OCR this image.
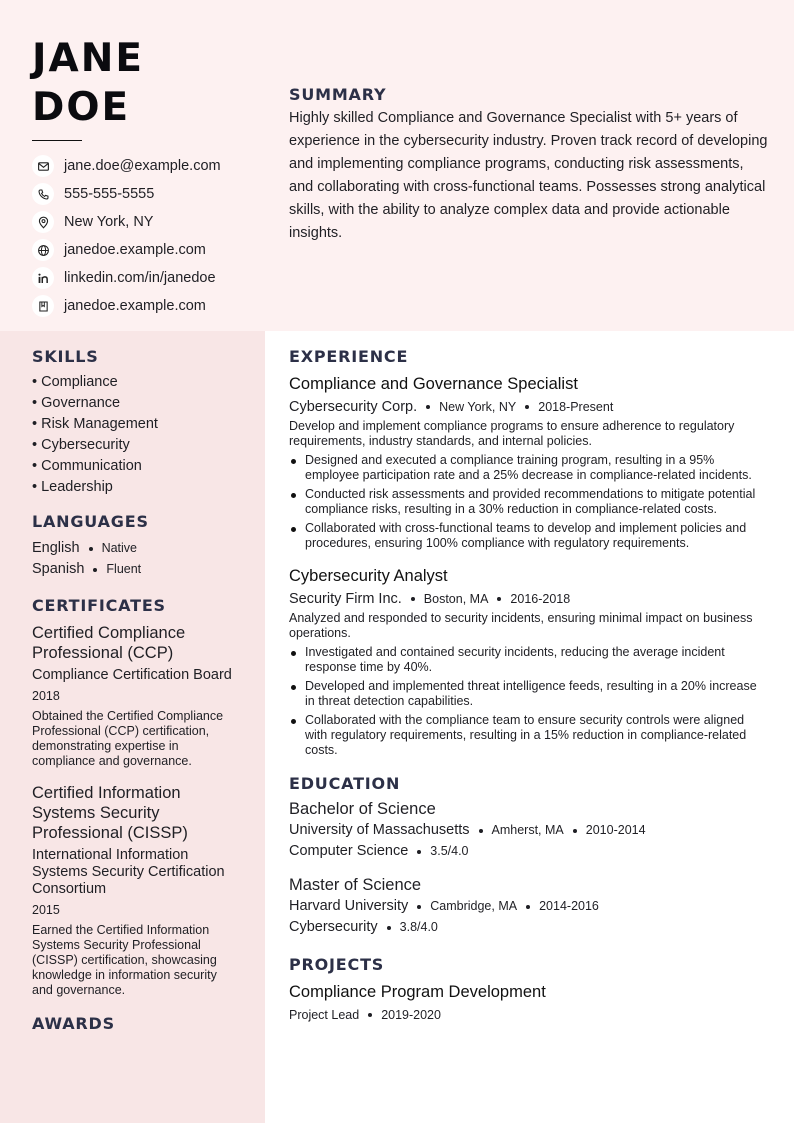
JANE
DOE
jane.doe@example.com
555-555-5555
New York, NY
janedoe.example.com
linkedin.com/in/janedoe
janedoe.example.com
SUMMARY

Highly skilled Compliance and Governance Specialist with 5+ years of experience in the cybersecurity industry. Proven track record of developing and implementing compliance programs, conducting risk assessments, and collaborating with cross-functional teams. Possesses strong analytical skills, with the ability to analyze complex data and provide actionable insights.

SKILLS
• Compliance
• Governance
• Risk Management
• Cybersecurity
• Communication
• Leadership
LANGUAGES
English Native
Spanish Fluent
CERTIFICATES
Certified Compliance Professional (CCP)
Compliance Certification Board
2018
Obtained the Certified Compliance Professional (CCP) certification, demonstrating expertise in compliance and governance.
Certified Information Systems Security Professional (CISSP)
International Information Systems Security Certification Consortium
2015
Earned the Certified Information Systems Security Professional (CISSP) certification, showcasing knowledge in information security and governance.
AWARDS
EXPERIENCE
Compliance and Governance Specialist
Cybersecurity Corp. New York, NY 2018-Present
Develop and implement compliance programs to ensure adherence to regulatory requirements, industry standards, and internal policies.
Designed and executed a compliance training program, resulting in a 95% employee participation rate and a 25% decrease in compliance-related incidents.
Conducted risk assessments and provided recommendations to mitigate potential compliance risks, resulting in a 30% reduction in compliance-related costs.
Collaborated with cross-functional teams to develop and implement policies and procedures, ensuring 100% compliance with regulatory requirements.
Cybersecurity Analyst
Security Firm Inc. Boston, MA 2016-2018
Analyzed and responded to security incidents, ensuring minimal impact on business operations.
Investigated and contained security incidents, reducing the average incident response time by 40%.
Developed and implemented threat intelligence feeds, resulting in a 20% increase in threat detection capabilities.
Collaborated with the compliance team to ensure security controls were aligned with regulatory requirements, resulting in a 15% reduction in compliance-related costs.
EDUCATION
Bachelor of Science
University of Massachusetts Amherst, MA 2010-2014
Computer Science 3.5/4.0
Master of Science
Harvard University Cambridge, MA 2014-2016
Cybersecurity 3.8/4.0
PROJECTS
Compliance Program Development
Project Lead 2019-2020
